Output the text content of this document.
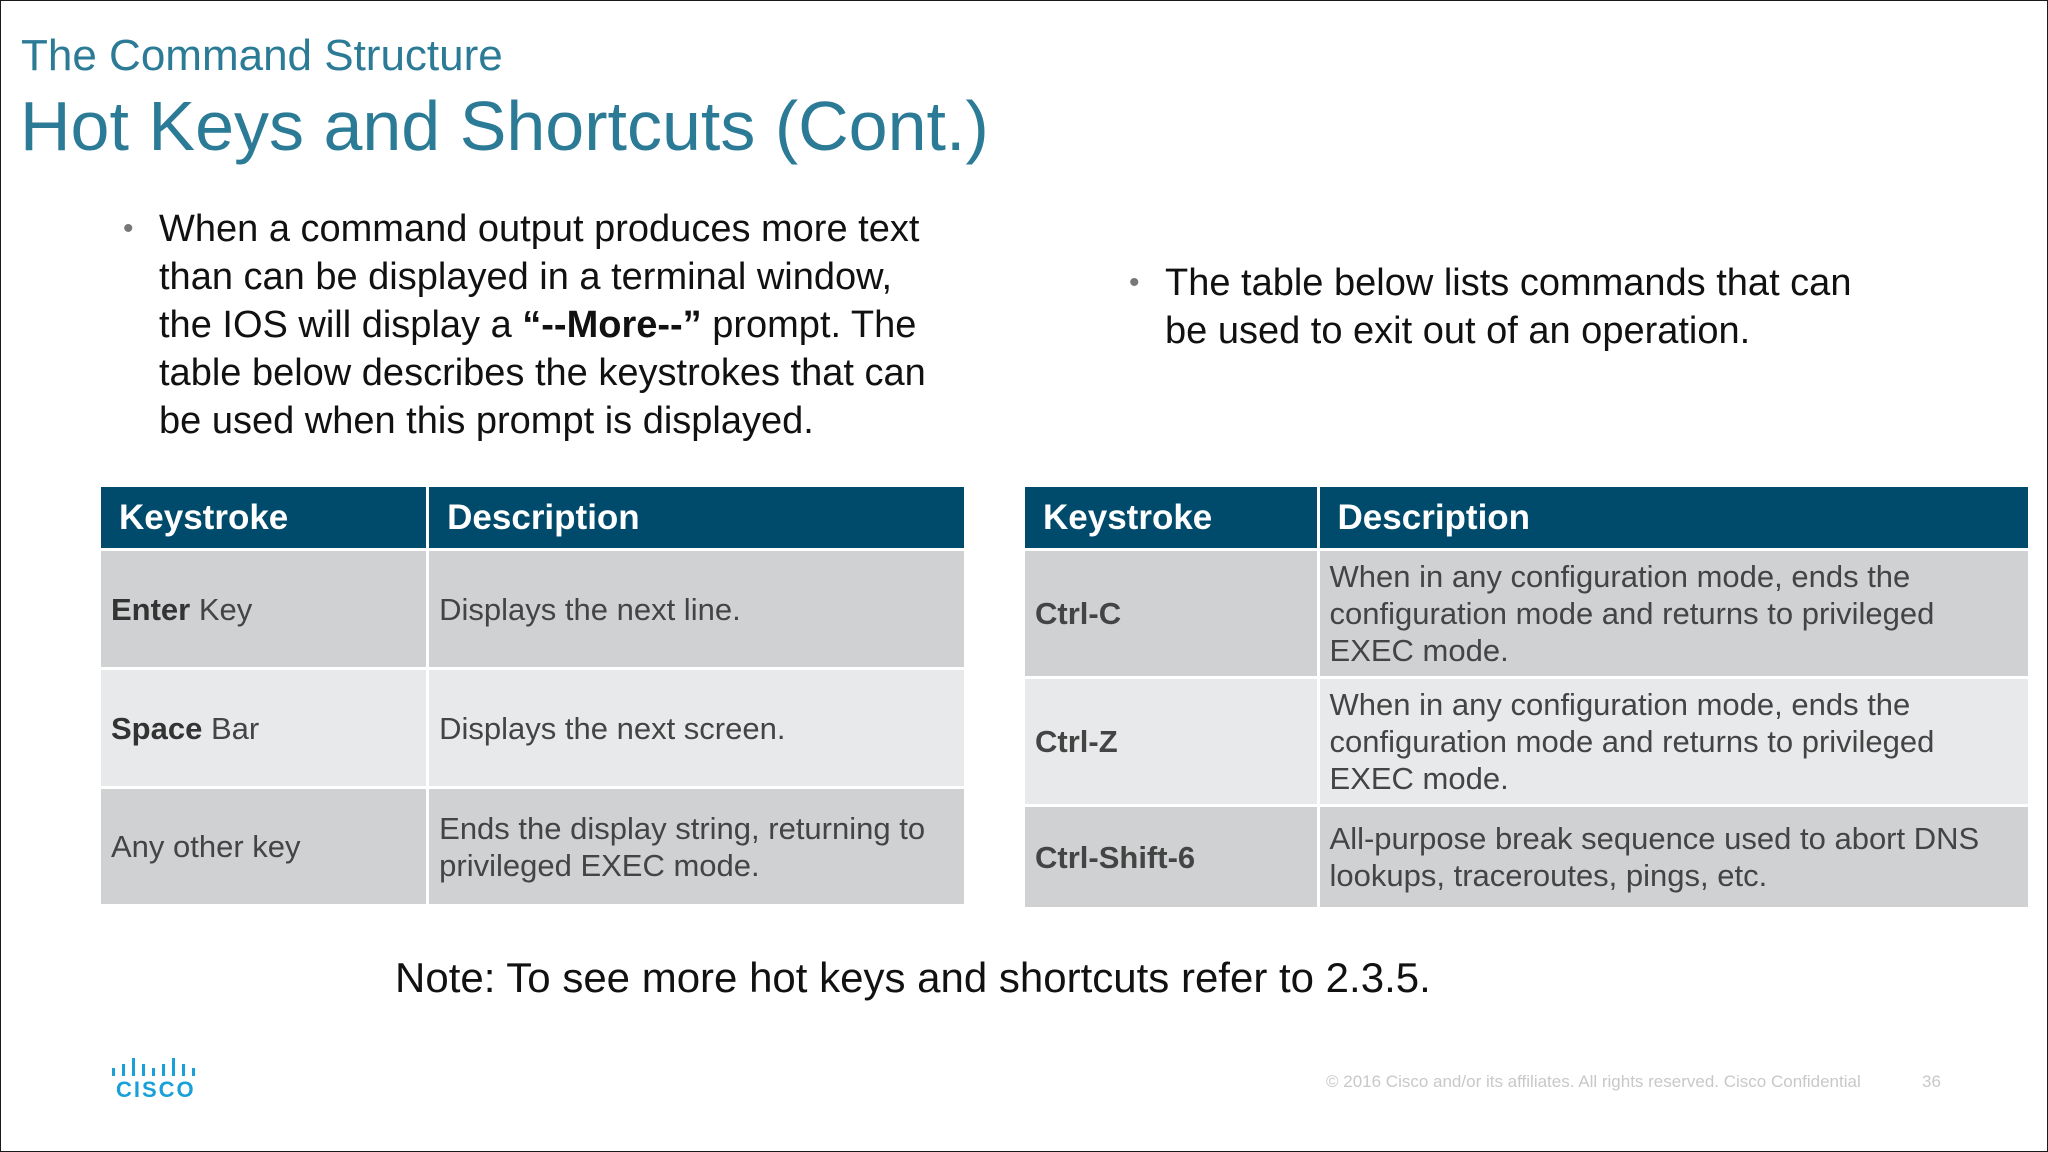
The Command Structure
Hot Keys and Shortcuts (Cont.)
• When a command output produces more text
than can be displayed in a terminal window,
the IOS will display a “--More--” prompt. The
table below describes the keystrokes that can
be used when this prompt is displayed.
• The table below lists commands that can
be used to exit out of an operation.
Keystroke	Description
Enter Key	Displays the next line.
Space Bar	Displays the next screen.
Any other key	Ends the display string, returning to privileged EXEC mode.
Keystroke	Description
Ctrl-C	When in any configuration mode, ends the configuration mode and returns to privileged EXEC mode.
Ctrl-Z	When in any configuration mode, ends the configuration mode and returns to privileged EXEC mode.
Ctrl-Shift-6	All-purpose break sequence used to abort DNS lookups, traceroutes, pings, etc.
Note: To see more hot keys and shortcuts refer to 2.3.5.
CISCO	© 2016 Cisco and/or its affiliates. All rights reserved. Cisco Confidential	36
